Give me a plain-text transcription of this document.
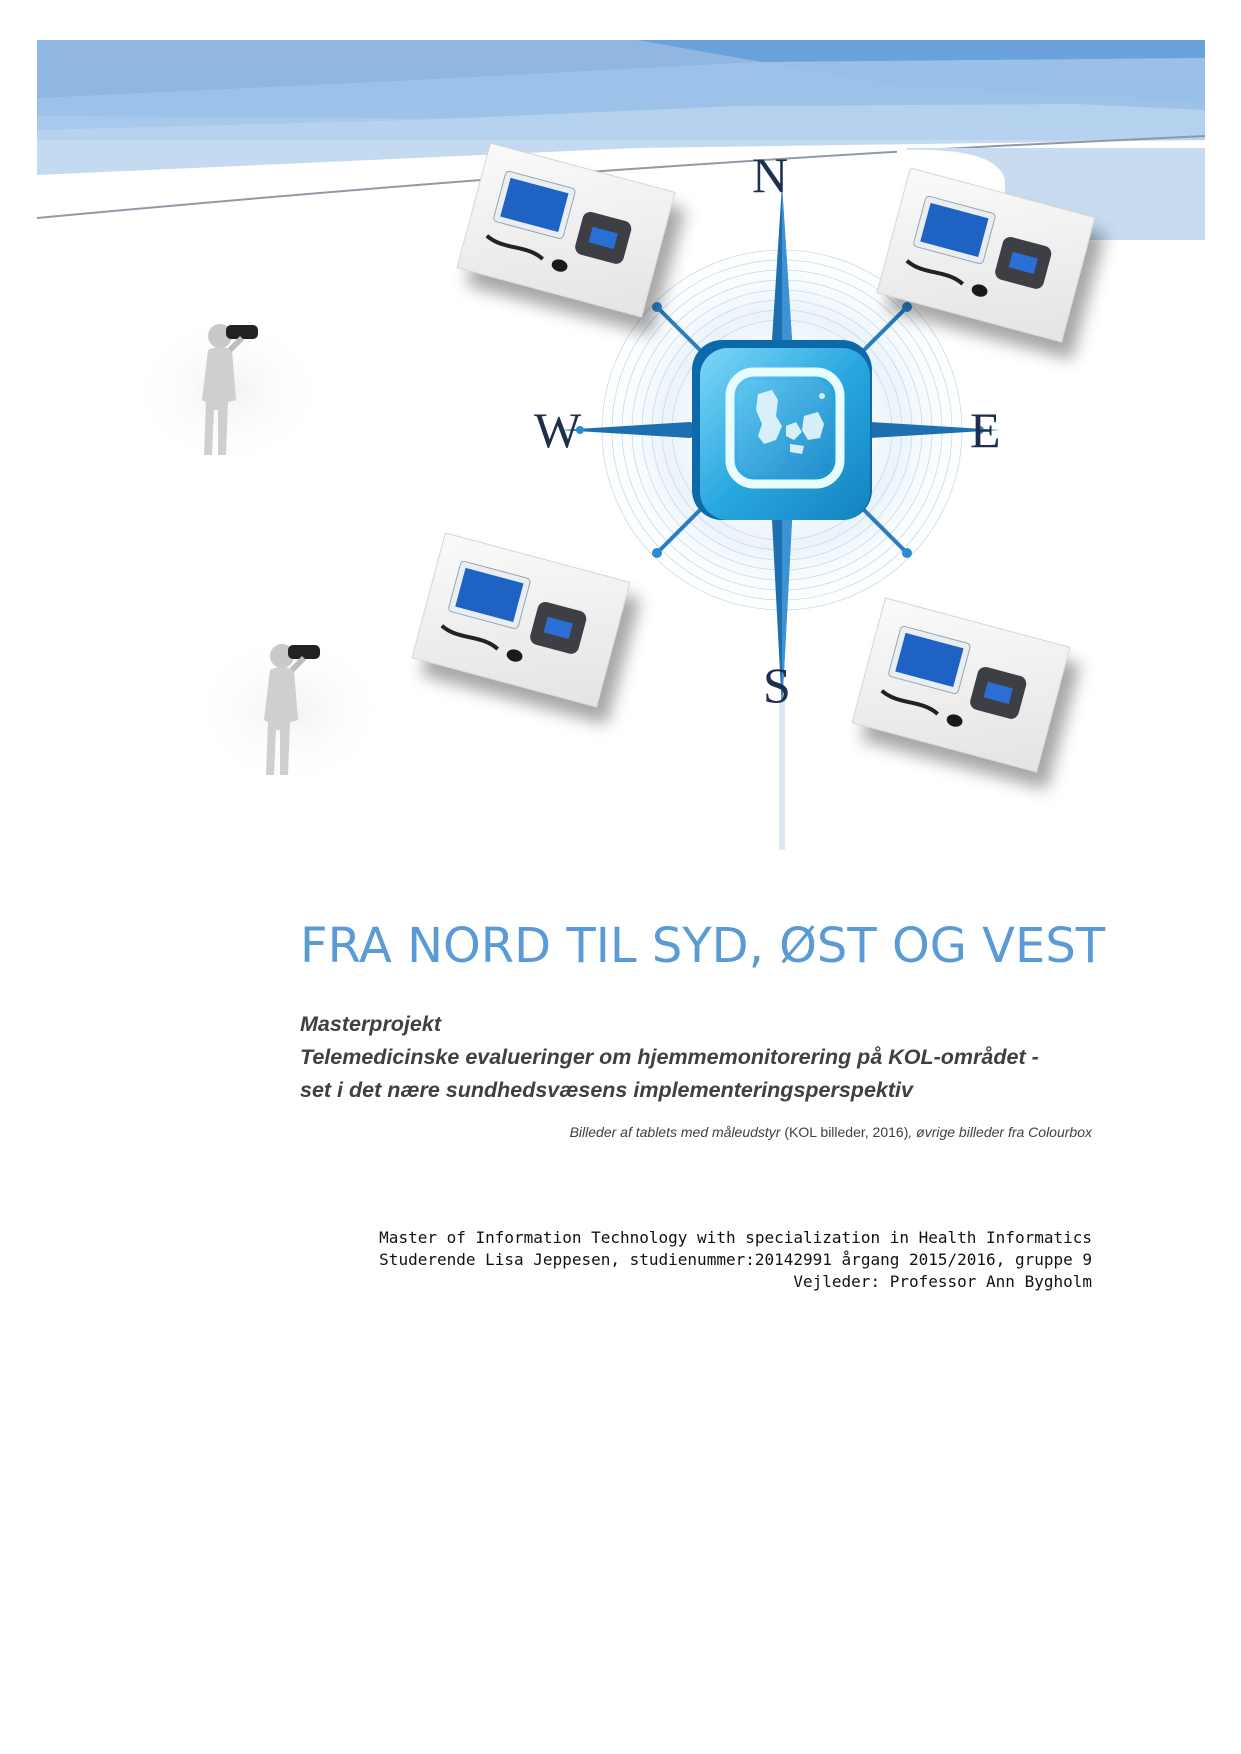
N
S
W	E
FRA NORD TIL SYD, ØST OG VEST
Masterprojekt
Telemedicinske evalueringer om hjemmemonitorering på KOL-området -
set i det nære sundhedsvæsens implementeringsperspektiv
Billeder af tablets med måleudstyr (KOL billeder, 2016), øvrige billeder fra Colourbox
Master of Information Technology with specialization in Health Informatics
Studerende Lisa Jeppesen, studienummer:20142991 årgang 2015/2016, gruppe 9
Vejleder: Professor Ann Bygholm
